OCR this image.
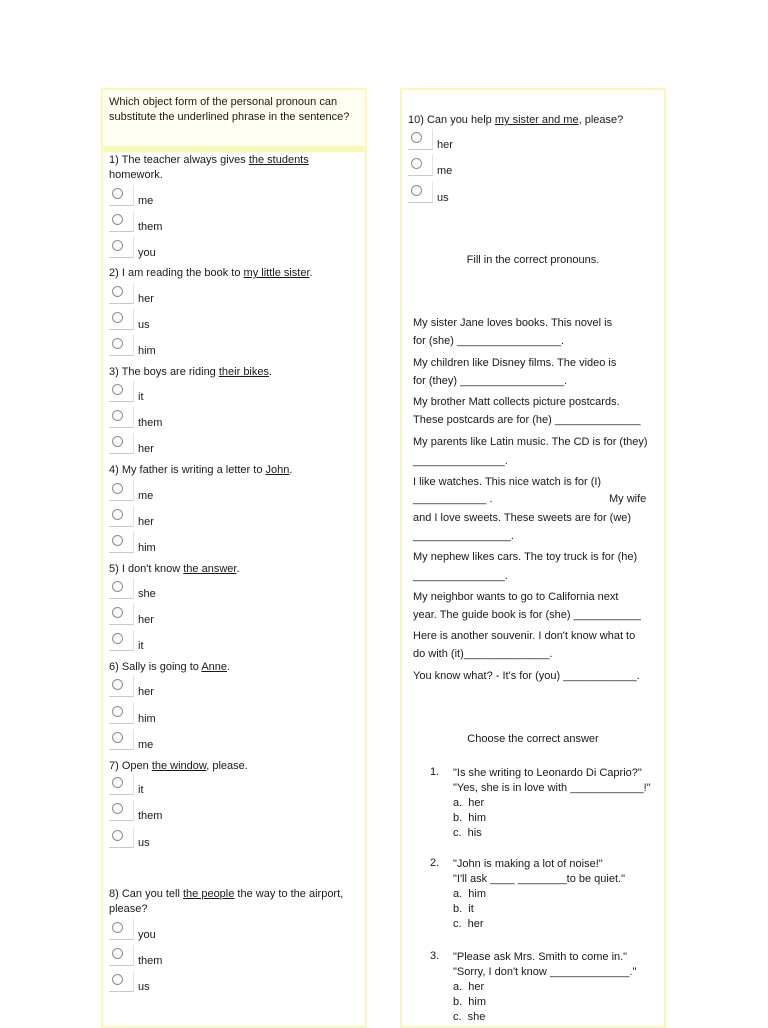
Which object form of the personal pronoun can substitute the underlined phrase in the sentence?
1) The teacher always gives the students homework.
me
them
you
2) I am reading the book to my little sister.
her
us
him
3) The boys are riding their bikes.
it
them
her
4) My father is writing a letter to John.
me
her
him
5) I don't know the answer.
she
her
it
6) Sally is going to Anne.
her
him
me
7) Open the window, please.
it
them
us
8) Can you tell the people the way to the airport, please?
you
them
us
10) Can you help my sister and me, please?
her
me
us
Fill in the correct pronouns.
My sister Jane loves books. This novel is
for (she) _________________.
My children like Disney films. The video is
for (they) _________________.
My brother Matt collects picture postcards.
These postcards are for (he) ______________
My parents like Latin music. The CD is for (they)
_______________.
I like watches. This nice watch is for (I)
____________ .	My wife
and I love sweets. These sweets are for (we)
________________.
My nephew likes cars. The toy truck is for (he)
_______________.
My neighbor wants to go to California next
year. The guide book is for (she) ___________
Here is another souvenir. I don't know what to
do with (it)______________.
You know what? - It's for (you) ____________.
Choose the correct answer
1. "Is she writing to Leonardo Di Caprio?"
"Yes, she is in love with ____________!"
a.  her
b.  him
c.  his
2. "John is making a lot of noise!"
"I'll ask ____ ________to be quiet."
a.  him
b.  it
c.  her
3. "Please ask Mrs. Smith to come in."
"Sorry, I don't know _____________."
a.  her
b.  him
c.  she
